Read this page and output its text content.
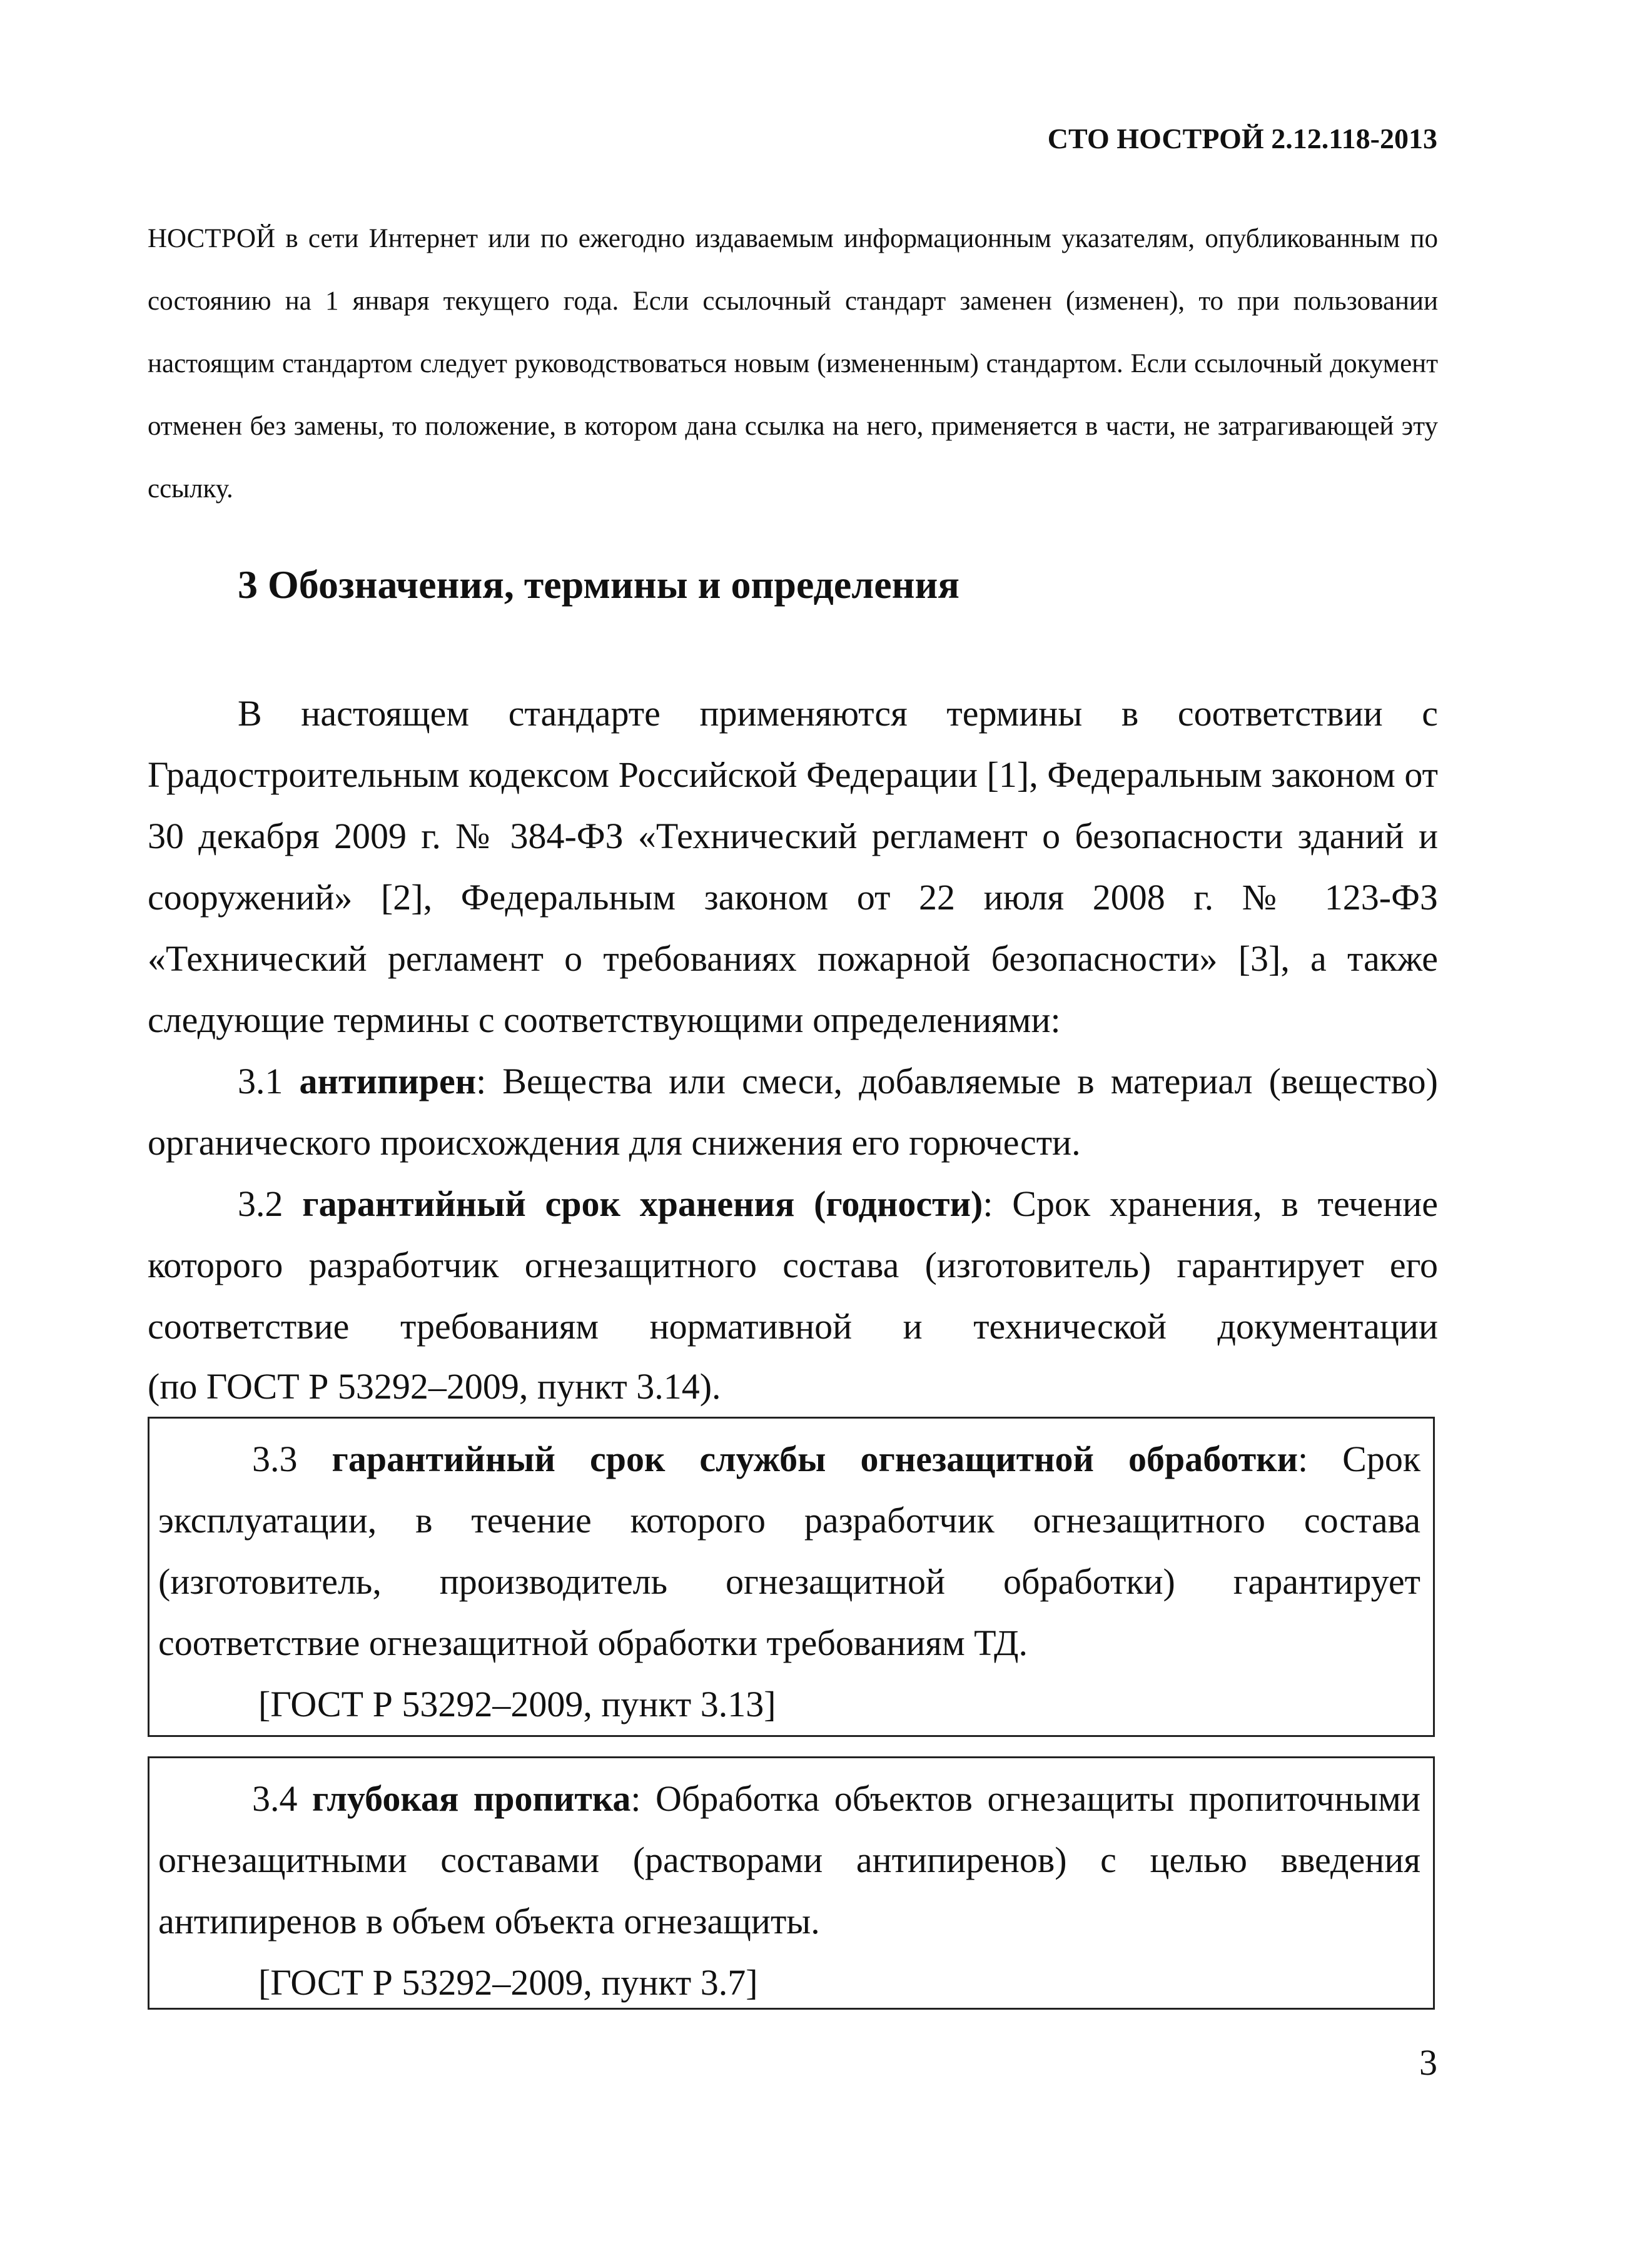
СТО НОСТРОЙ 2.12.118-2013

НОСТРОЙ в сети Интернет или по ежегодно издаваемым информационным указателям, опубликованным по состоянию на 1 января текущего года. Если ссылочный стандарт заменен (изменен), то при пользовании настоящим стандартом следует руководствоваться новым (измененным) стандартом. Если ссылочный документ отменен без замены, то положение, в котором дана ссылка на него, применяется в части, не затрагивающей эту ссылку.

3 Обозначения, термины и определения

В настоящем стандарте применяются термины в соответствии с Градостроительным кодексом Российской Федерации [1], Федеральным законом от 30 декабря 2009 г. № 384-ФЗ «Технический регламент о безопасности зданий и сооружений» [2], Федеральным законом от 22 июля 2008 г. № 123-ФЗ «Технический регламент о требованиях пожарной безопасности» [3], а также следующие термины с соответствующими определениями:

3.1 антипирен: Вещества или смеси, добавляемые в материал (вещество) органического происхождения для снижения его горючести.

3.2 гарантийный срок хранения (годности): Срок хранения, в течение которого разработчик огнезащитного состава (изготовитель) гарантирует его соответствие требованиям нормативной и технической документации

(по ГОСТ Р 53292–2009, пункт 3.14).

3.3 гарантийный срок службы огнезащитной обработки: Срок эксплуатации, в течение которого разработчик огнезащитного состава (изготовитель, производитель огнезащитной обработки) гарантирует соответствие огнезащитной обработки требованиям ТД.

[ГОСТ Р 53292–2009, пункт 3.13]

3.4 глубокая пропитка: Обработка объектов огнезащиты пропиточными огнезащитными составами (растворами антипиренов) с целью введения антипиренов в объем объекта огнезащиты.

[ГОСТ Р 53292–2009, пункт 3.7]

3
